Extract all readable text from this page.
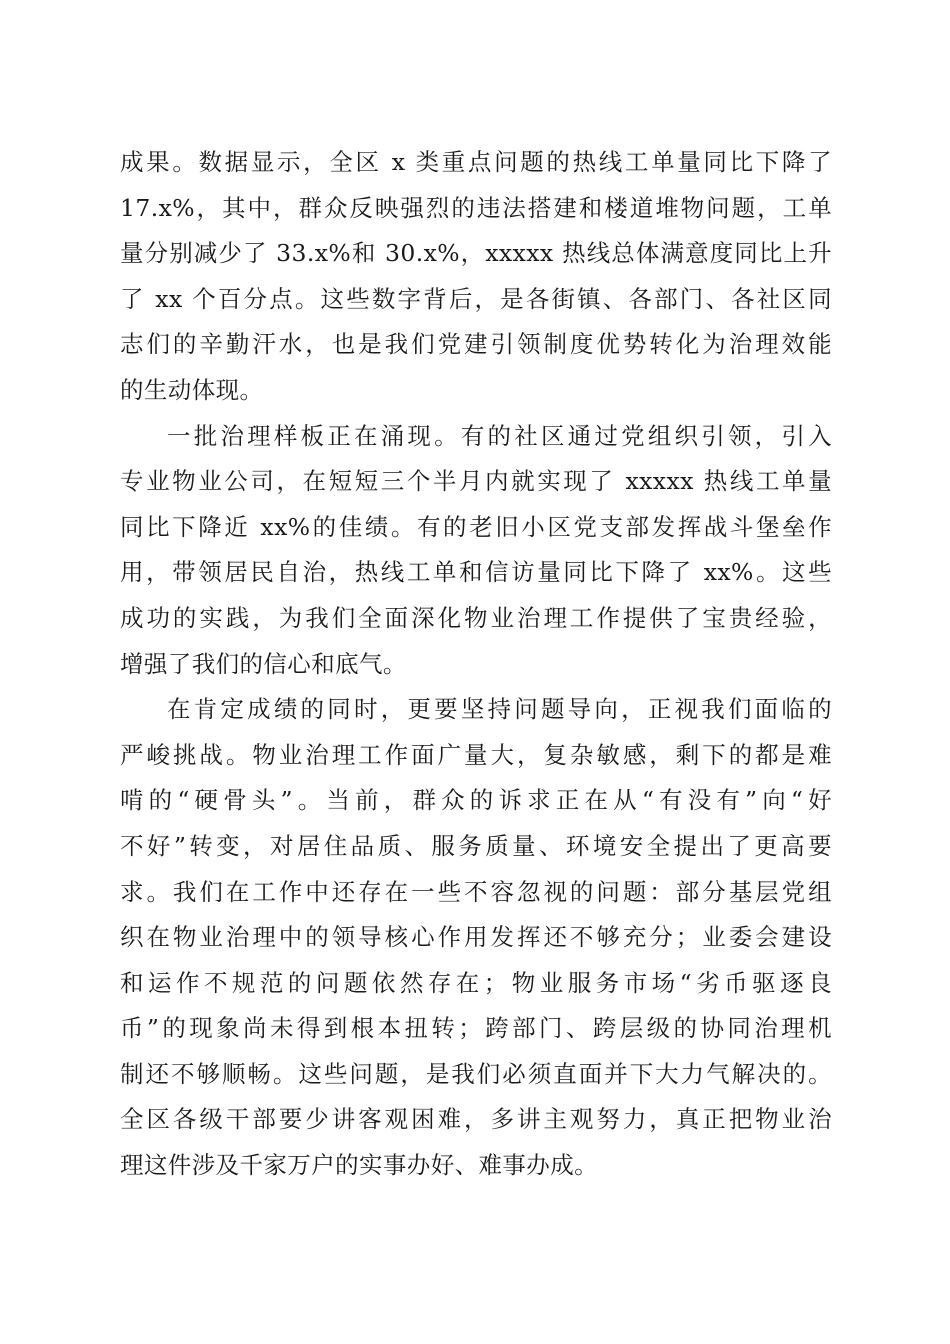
成果。数据显示，全区 x 类重点问题的热线工单量同比下降了
17.x%，其中，群众反映强烈的违法搭建和楼道堆物问题，工单
量分别减少了 33.x%和 30.x%，xxxxx 热线总体满意度同比上升
了 xx 个百分点。这些数字背后，是各街镇、各部门、各社区同
志们的辛勤汗水，也是我们党建引领制度优势转化为治理效能
的生动体现。
一批治理样板正在涌现。有的社区通过党组织引领，引入
专业物业公司，在短短三个半月内就实现了 xxxxx 热线工单量
同比下降近 xx%的佳绩。有的老旧小区党支部发挥战斗堡垒作
用，带领居民自治，热线工单和信访量同比下降了 xx%。这些
成功的实践，为我们全面深化物业治理工作提供了宝贵经验，
增强了我们的信心和底气。
在肯定成绩的同时，更要坚持问题导向，正视我们面临的
严峻挑战。物业治理工作面广量大，复杂敏感，剩下的都是难
啃的“硬骨头”。当前，群众的诉求正在从“有没有”向“好
不好”转变，对居住品质、服务质量、环境安全提出了更高要
求。我们在工作中还存在一些不容忽视的问题：部分基层党组
织在物业治理中的领导核心作用发挥还不够充分；业委会建设
和运作不规范的问题依然存在；物业服务市场“劣币驱逐良
币”的现象尚未得到根本扭转；跨部门、跨层级的协同治理机
制还不够顺畅。这些问题，是我们必须直面并下大力气解决的。
全区各级干部要少讲客观困难，多讲主观努力，真正把物业治
理这件涉及千家万户的实事办好、难事办成。
